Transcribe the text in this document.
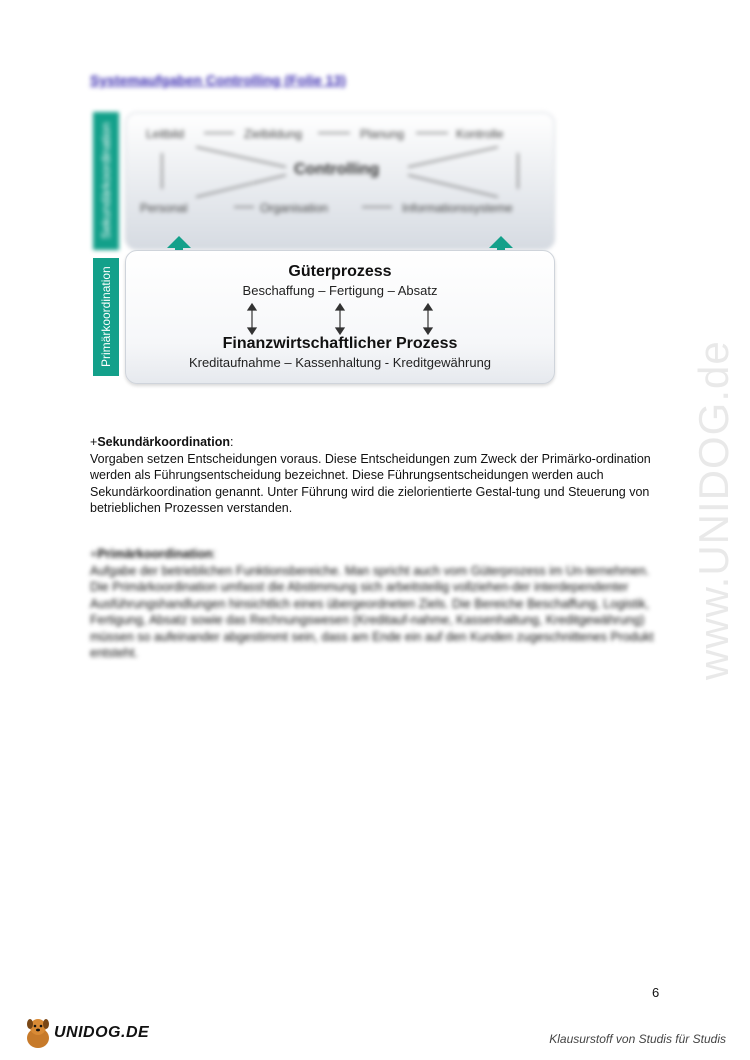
Systemaufgaben Controlling (Folie 13)
Sekundärkoordination
Primärkoordination
Leitbild	Zielbildung	Planung	Kontrolle
Controlling
Personal	Organisation	Informationssysteme
Güterprozess
Beschaffung – Fertigung – Absatz
Finanzwirtschaftlicher Prozess
Kreditaufnahme – Kassenhaltung - Kreditgewährung
+Sekundärkoordination:
Vorgaben setzen Entscheidungen voraus. Diese Entscheidungen zum Zweck der Primärko-ordination werden als Führungsentscheidung bezeichnet. Diese Führungsentscheidungen werden auch Sekundärkoordination genannt. Unter Führung wird die zielorientierte Gestal-tung und Steuerung von betrieblichen Prozessen verstanden.
+Primärkoordination:
Aufgabe der betrieblichen Funktionsbereiche. Man spricht auch vom Güterprozess im Un-ternehmen. Die Primärkoordination umfasst die Abstimmung sich arbeitsteilig vollziehen-der interdependenter Ausführungshandlungen hinsichtlich eines übergeordneten Ziels. Die Bereiche Beschaffung, Logistik, Fertigung, Absatz sowie das Rechnungswesen (Kreditauf-nahme, Kassenhaltung, Kreditgewährung) müssen so aufeinander abgestimmt sein, dass am Ende ein auf den Kunden zugeschnittenes Produkt entsteht.	www.UNIDOG.de
6
UNIDOG.DE	Klausurstoff von Studis für Studis
